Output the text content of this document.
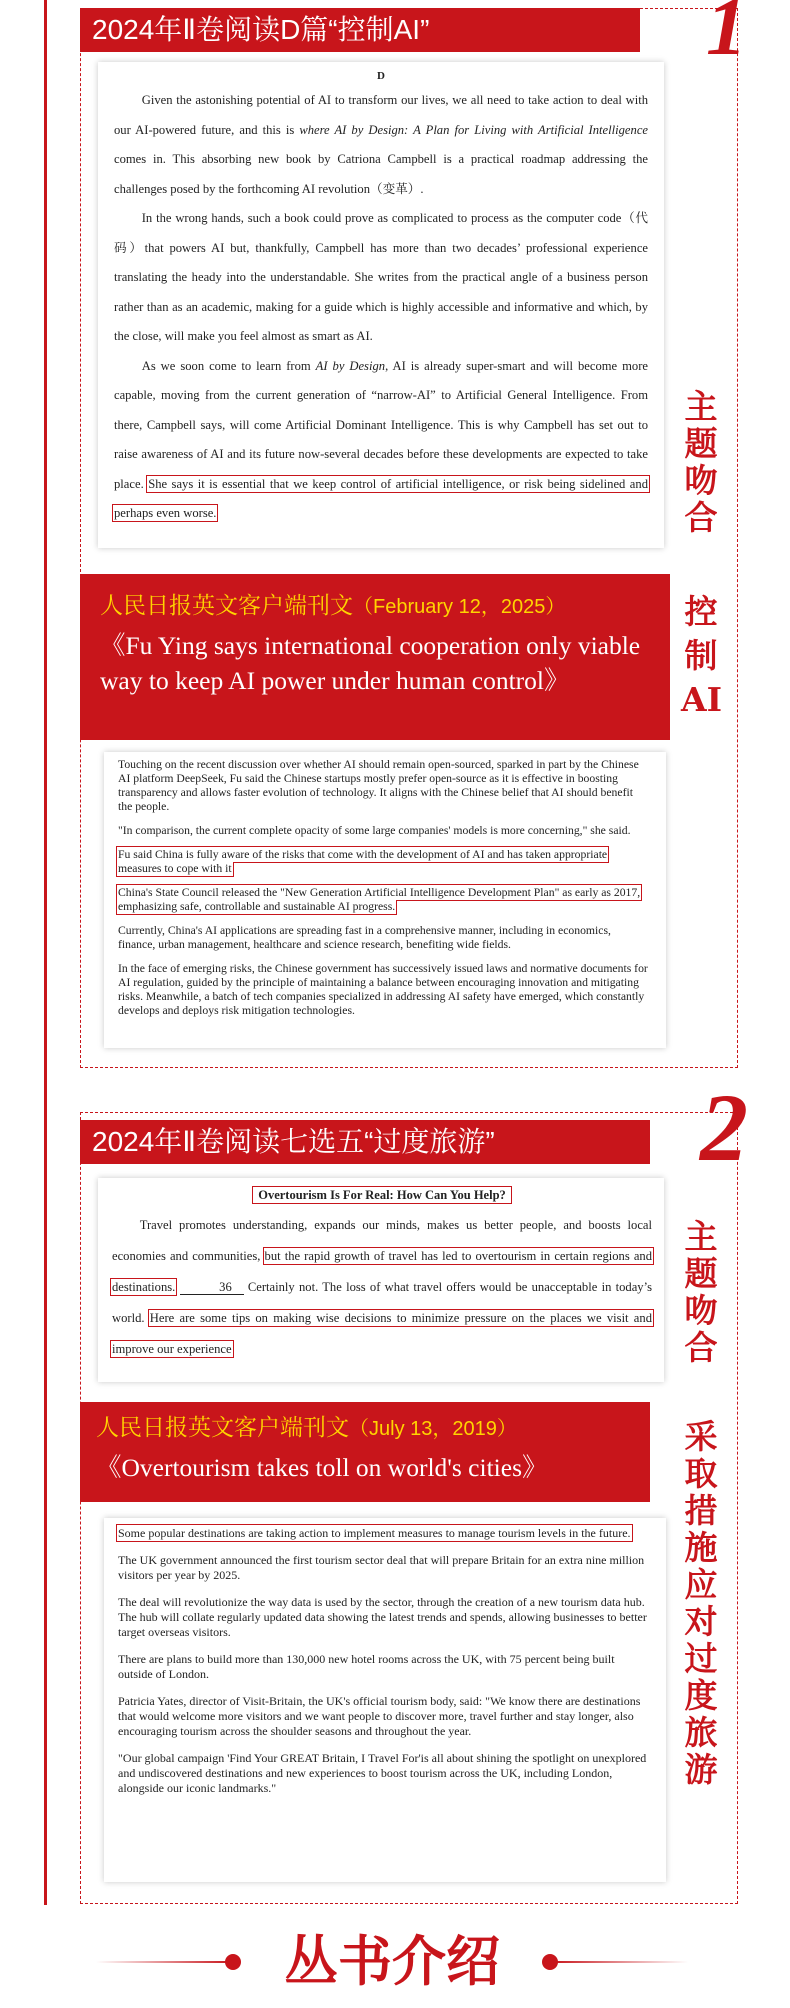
1
2024年Ⅱ卷阅读D篇“控制AI”
D

Given the astonishing potential of AI to transform our lives, we all need to take action to deal with our AI-powered future, and this is where AI by Design: A Plan for Living with Artificial Intelligence comes in. This absorbing new book by Catriona Campbell is a practical roadmap addressing the challenges posed by the forthcoming AI revolution（变革）.

In the wrong hands, such a book could prove as complicated to process as the computer code（代码）that powers AI but, thankfully, Campbell has more than two decades’ professional experience translating the heady into the understandable. She writes from the practical angle of a business person rather than as an academic, making for a guide which is highly accessible and informative and which, by the close, will make you feel almost as smart as AI.

As we soon come to learn from AI by Design, AI is already super-smart and will become more capable, moving from the current generation of “narrow-AI” to Artificial General Intelligence. From there, Campbell says, will come Artificial Dominant Intelligence. This is why Campbell has set out to raise awareness of AI and its future now-several decades before these developments are expected to take place. She says it is essential that we keep control of artificial intelligence, or risk being sidelined and perhaps even worse.

主题吻合
控制AI
人民日报英文客户端刊文（February 12，2025）
《Fu Ying says international cooperation only viable way to keep AI power under human control》

Touching on the recent discussion over whether AI should remain open-sourced, sparked in part by the Chinese AI platform DeepSeek, Fu said the Chinese startups mostly prefer open-source as it is effective in boosting transparency and allows faster evolution of technology. It aligns with the Chinese belief that AI should benefit the people.

"In comparison, the current complete opacity of some large companies' models is more concerning," she said.

Fu said China is fully aware of the risks that come with the development of AI and has taken appropriate measures to cope with it

China's State Council released the "New Generation Artificial Intelligence Development Plan" as early as 2017, emphasizing safe, controllable and sustainable AI progress.

Currently, China's AI applications are spreading fast in a comprehensive manner, including in economics, finance, urban management, healthcare and science research, benefiting wide fields.

In the face of emerging risks, the Chinese government has successively issued laws and normative documents for AI regulation, guided by the principle of maintaining a balance between encouraging innovation and mitigating risks. Meanwhile, a batch of tech companies specialized in addressing AI safety have emerged, which constantly develops and deploys risk mitigation technologies.

2
2024年Ⅱ卷阅读七选五“过度旅游”
Overtourism Is For Real: How Can You Help?

Travel promotes understanding, expands our minds, makes us better people, and boosts local economies and communities, but the rapid growth of travel has led to overtourism in certain regions and destinations.	36 Certainly not. The loss of what travel offers would be unacceptable in today’s world. Here are some tips on making wise decisions to minimize pressure on the places we visit and improve our experience

主题吻合
采取措施应对过度旅游
人民日报英文客户端刊文（July 13，2019）
《Overtourism takes toll on world's cities》

Some popular destinations are taking action to implement measures to manage tourism levels in the future.

The UK government announced the first tourism sector deal that will prepare Britain for an extra nine million visitors per year by 2025.

The deal will revolutionize the way data is used by the sector, through the creation of a new tourism data hub. The hub will collate regularly updated data showing the latest trends and spends, allowing businesses to better target overseas visitors.

There are plans to build more than 130,000 new hotel rooms across the UK, with 75 percent being built outside of London.

Patricia Yates, director of Visit-Britain, the UK's official tourism body, said: "We know there are destinations that would welcome more visitors and we want people to discover more, travel further and stay longer, also encouraging tourism across the shoulder seasons and throughout the year.

"Our global campaign 'Find Your GREAT Britain, I Travel For'is all about shining the spotlight on unexplored and undiscovered destinations and new experiences to boost tourism across the UK, including London, alongside our iconic landmarks."

丛书介绍
